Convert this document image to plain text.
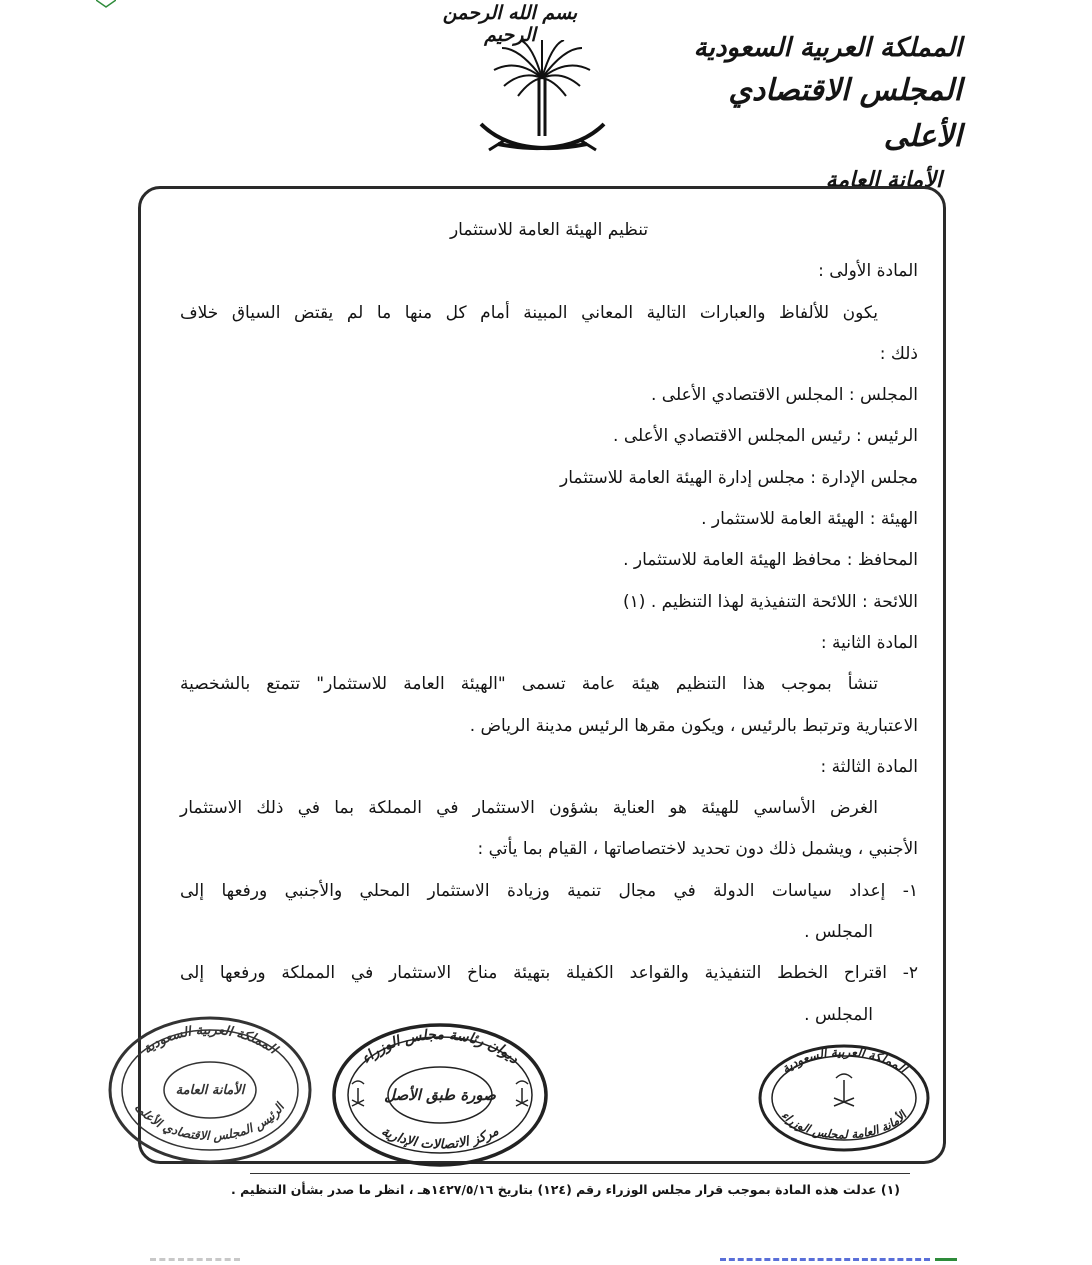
بسم الله الرحمن الرحيم	المملكة العربية السعودية
المجلس الاقتصادي الأعلى
الأمانة العامة

تنظيم الهيئة العامة للاستثمار

المادة الأولى :

يكون للألفاظ والعبارات التالية المعاني المبينة أمام كل منها ما لم يقتض السياق خلاف

ذلك :

المجلس : المجلس الاقتصادي الأعلى .

الرئيس : رئيس المجلس الاقتصادي الأعلى .

مجلس الإدارة : مجلس إدارة الهيئة العامة للاستثمار

الهيئة : الهيئة العامة للاستثمار .

المحافظ : محافظ الهيئة العامة للاستثمار .

اللائحة : اللائحة التنفيذية لهذا التنظيم . (١)

المادة الثانية :

تنشأ بموجب هذا التنظيم هيئة عامة تسمى "الهيئة العامة للاستثمار" تتمتع بالشخصية

الاعتبارية وترتبط بالرئيس ، ويكون مقرها الرئيس مدينة الرياض .

المادة الثالثة :

الغرض الأساسي للهيئة هو العناية بشؤون الاستثمار في المملكة بما في ذلك الاستثمار

الأجنبي ، ويشمل ذلك دون تحديد لاختصاصاتها ، القيام بما يأتي :

١- إعداد سياسات الدولة في مجال تنمية وزيادة الاستثمار المحلي والأجنبي ورفعها إلى

المجلس .

٢- اقتراح الخطط التنفيذية والقواعد الكفيلة بتهيئة مناخ الاستثمار في المملكة ورفعها إلى

المجلس .

المملكة العربية السعودية
الأمانة العامة
الرئيس المجلس الاقتصادي الأعلى
ديوان رئاسة مجلس الوزراء
صورة طبق الأصل
مركز الاتصالات الإدارية
المملكة العربية السعودية
الأمانة العامة لمجلس الوزراء
(١) عدلت هذه المادة بموجب قرار مجلس الوزراء رقم (١٢٤) بتاريخ ١٤٢٧/٥/١٦هـ ، انظر ما صدر بشأن التنظيم .
